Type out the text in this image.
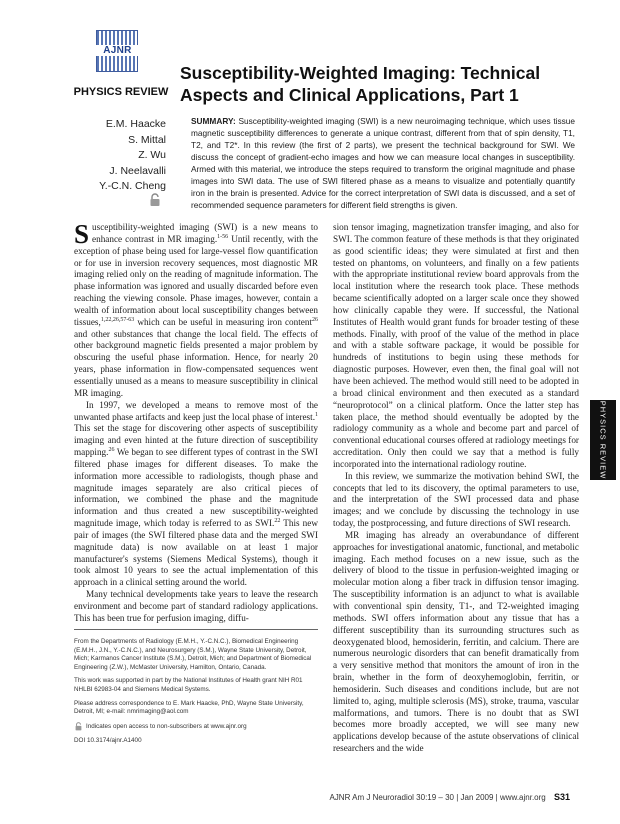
AJNR
PHYSICS REVIEW
Susceptibility-Weighted Imaging: Technical
Aspects and Clinical Applications, Part 1
E.M. Haacke
S. Mittal
Z. Wu
J. Neelavalli
Y.-C.N. Cheng
SUMMARY: Susceptibility-weighted imaging (SWI) is a new neuroimaging technique, which uses tissue magnetic susceptibility differences to generate a unique contrast, different from that of spin density, T1, T2, and T2*. In this review (the first of 2 parts), we present the technical background for SWI. We discuss the concept of gradient-echo images and how we can measure local changes in susceptibility. Armed with this material, we introduce the steps required to transform the original magnitude and phase images into SWI data. The use of SWI filtered phase as a means to visualize and potentially quantify iron in the brain is presented. Advice for the correct interpretation of SWI data is discussed, and a set of recommended sequence parameters for different field strengths is given.

Susceptibility-weighted imaging (SWI) is a new means to enhance contrast in MR imaging.$^{1-56}$ Until recently, with the exception of phase being used for large-vessel flow quantification or for use in inversion recovery sequences, most diagnostic MR imaging relied only on the reading of magnitude information. The phase information was ignored and usually discarded before even reaching the viewing console. Phase images, however, contain a wealth of information about local susceptibility changes between tissues,$^{1,22,26,57-63}$ which can be useful in measuring iron content$^{26}$ and other substances that change the local field. The effects of other background magnetic fields presented a major problem by obscuring the useful phase information. Hence, for nearly 20 years, phase information in flow-compensated sequences went essentially unused as a means to measure susceptibility in clinical MR imaging.

In 1997, we developed a means to remove most of the unwanted phase artifacts and keep just the local phase of interest.$^1$ This set the stage for discovering other aspects of susceptibility imaging and even hinted at the future direction of susceptibility mapping.$^{26}$ We began to see different types of contrast in the SWI filtered phase images for different diseases. To make the information more accessible to radiologists, though phase and magnitude images separately are also critical pieces of information, we combined the phase and the magnitude information and thus created a new susceptibility-weighted magnitude image, which today is referred to as SWI.$^{22}$ This new pair of images (the SWI filtered phase data and the merged SWI magnitude data) is now available on at least 1 major manufacturer's systems (Siemens Medical Systems), though it took almost 10 years to see the actual implementation of this approach in a clinical setting around the world.

Many technical developments take years to leave the research environment and become part of standard radiology applications. This has been true for perfusion imaging, diffu-

sion tensor imaging, magnetization transfer imaging, and also for SWI. The common feature of these methods is that they originated as good scientific ideas; they were simulated at first and then tested on phantoms, on volunteers, and finally on a few patients with the appropriate institutional review board approvals from the local institution where the research took place. These methods became scientifically adopted on a larger scale once they showed how clinically capable they were. If successful, the National Institutes of Health would grant funds for broader testing of these methods. Finally, with proof of the value of the method in place and with a stable software package, it would be possible for hundreds of institutions to begin using these methods for diagnostic purposes. However, even then, the final goal will not have been achieved. The method would still need to be adopted in a broad clinical environment and then executed as a standard “neuroprotocol” on a clinical platform. Once the latter step has taken place, the method should eventually be adopted by the radiology community as a whole and become part and parcel of conventional educational courses offered at radiology meetings for accreditation. Only then could we say that a method is fully incorporated into the international radiology routine.

In this review, we summarize the motivation behind SWI, the concepts that led to its discovery, the optimal parameters to use, and the interpretation of the SWI processed data and phase images; and we conclude by discussing the technology in use today, the postprocessing, and future directions of SWI research.

MR imaging has already an overabundance of different approaches for investigational anatomic, functional, and metabolic imaging. Each method focuses on a new issue, such as the delivery of blood to the tissue in perfusion-weighted imaging or molecular motion along a fiber track in diffusion tensor imaging. The susceptibility information is an adjunct to what is available with conventional spin density, T1-, and T2-weighted imaging methods. SWI offers information about any tissue that has a different susceptibility than its surrounding structures such as deoxygenated blood, hemosiderin, ferritin, and calcium. There are numerous neurologic disorders that can benefit dramatically from a very sensitive method that monitors the amount of iron in the brain, whether in the form of deoxyhemoglobin, ferritin, or hemosiderin. Such diseases and conditions include, but are not limited to, aging, multiple sclerosis (MS), stroke, trauma, vascular malformations, and tumors. There is no doubt that as SWI becomes more broadly accepted, we will see many new applications develop because of the astute observations of clinical researchers and the wide

From the Departments of Radiology (E.M.H., Y.-C.N.C.), Biomedical Engineering (E.M.H., J.N., Y.-C.N.C.), and Neurosurgery (S.M.), Wayne State University, Detroit, Mich; Karmanos Cancer Institute (S.M.), Detroit, Mich; and Department of Biomedical Engineering (Z.W.), McMaster University, Hamilton, Ontario, Canada.

This work was supported in part by the National Institutes of Health grant NIH R01 NHLBI 62983-04 and Siemens Medical Systems.

Please address correspondence to E. Mark Haacke, PhD, Wayne State University, Detroit, MI; e-mail: nmrimaging@aol.com

Indicates open access to non-subscribers at www.ajnr.org

DOI 10.3174/ajnr.A1400

PHYSICS REVIEW
AJNR Am J Neuroradiol 30:19 – 30 | Jan 2009 | www.ajnr.org S31
